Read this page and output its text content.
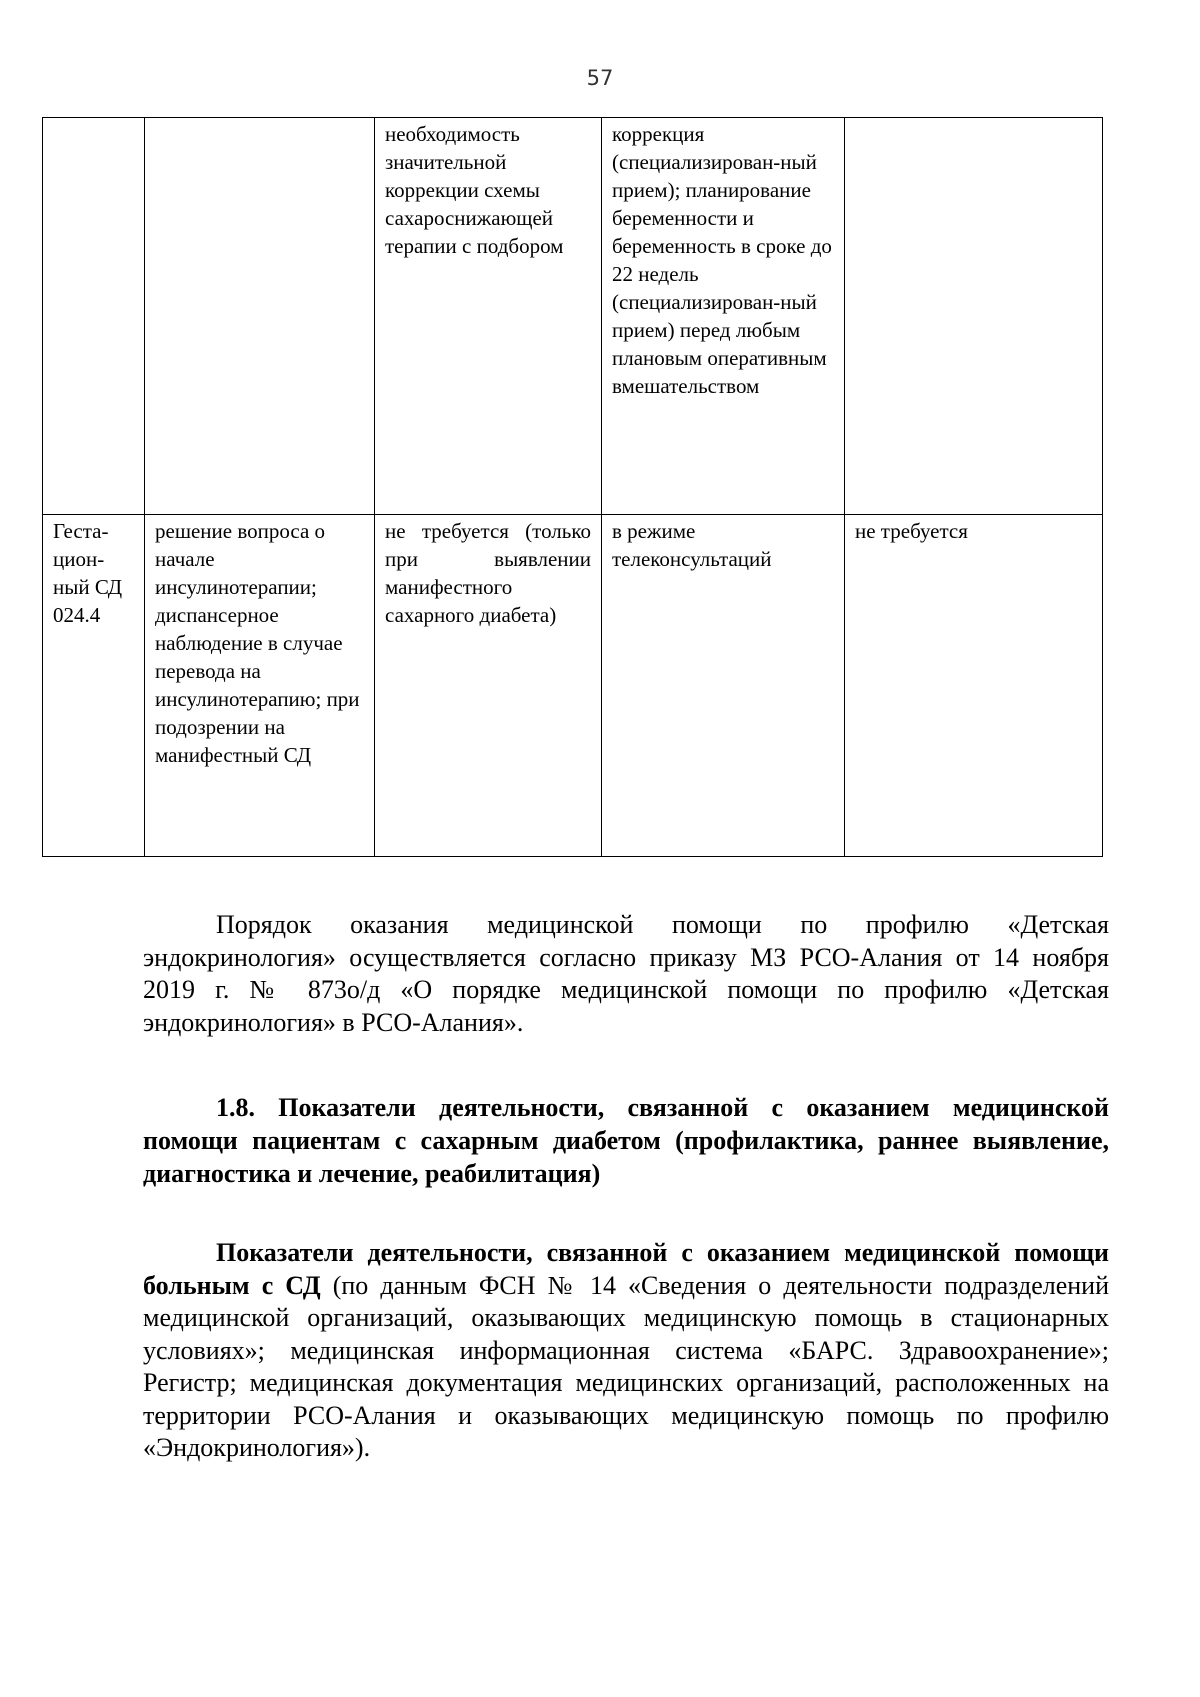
57
		необходимость значительной коррекции схемы сахароснижающей терапии с подбором	коррекция (специализирован-ный прием); планирование беременности и беременность в сроке до 22 недель (специализирован-ный прием) перед любым плановым оперативным вмешательством	
Геста-цион-ный СД 024.4	решение вопроса о начале инсулинотерапии; диспансерное наблюдение в случае перевода на инсулинотерапию; при подозрении на манифестный СД	не требуется (только при выявлении манифестного сахарного диабета)	в режиме телеконсультаций	не требуется
Порядок оказания медицинской помощи по профилю «Детская эндокринология» осуществляется согласно приказу МЗ РСО-Алания от 14 ноября 2019 г. № 873о/д «О порядке медицинской помощи по профилю «Детская эндокринология» в РСО-Алания».
1.8. Показатели деятельности, связанной с оказанием медицинской помощи пациентам с сахарным диабетом (профилактика, раннее выявление, диагностика и лечение, реабилитация)
Показатели деятельности, связанной с оказанием медицинской помощи больным с СД (по данным ФСН № 14 «Сведения о деятельности подразделений медицинской организаций, оказывающих медицинскую помощь в стационарных условиях»; медицинская информационная система «БАРС. Здравоохранение»; Регистр; медицинская документация медицинских организаций, расположенных на территории РСО-Алания и оказывающих медицинскую помощь по профилю «Эндокринология»).
